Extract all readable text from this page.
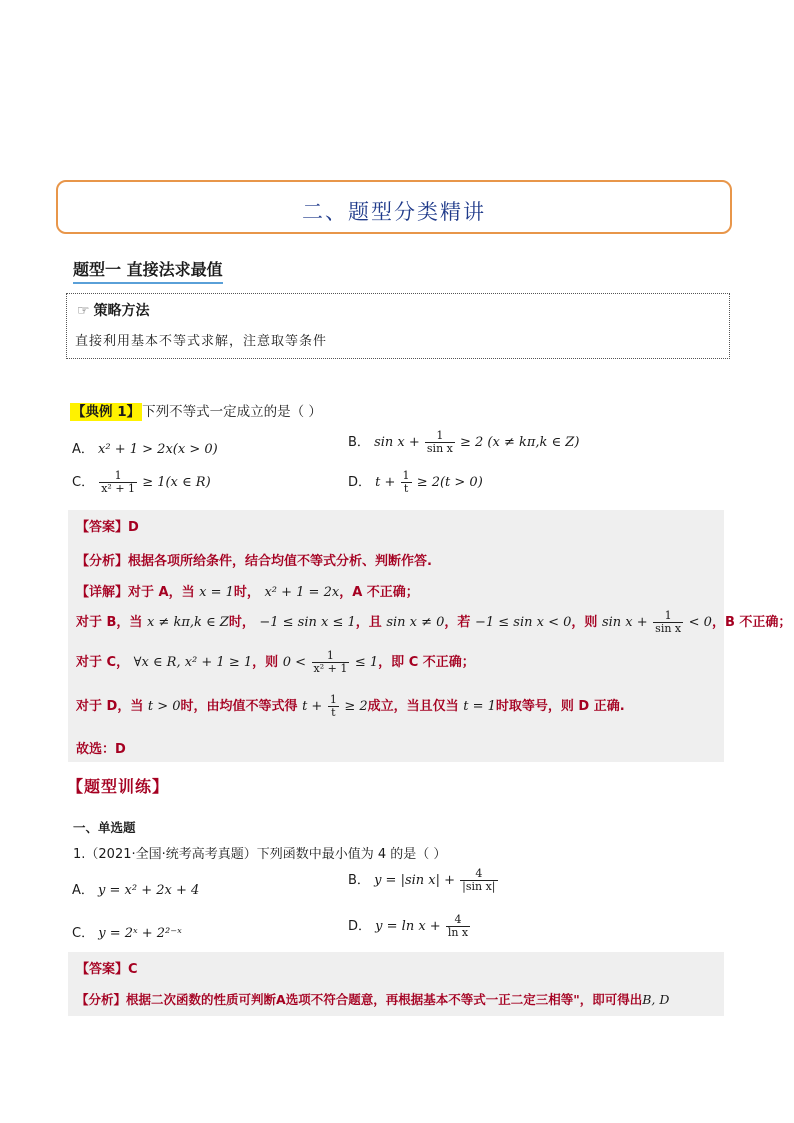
二、题型分类精讲
题型一 直接法求最值
☞ 策略方法
直接利用基本不等式求解，注意取等条件
【典例 1】 下列不等式一定成立的是（ ）
A． x² + 1 > 2x(x > 0)	B． $\sin x + \frac{1}{\text{sin x}} \ge 2$ (x ≠ kπ,k ∈ Z)
C． $\frac{1}{\text{x² + 1}} \ge 1(x$ ∈ R)	D． $t + \frac{1}{t} \ge 2(t > 0)$
【答案】D
【分析】根据各项所给条件，结合均值不等式分析、判断作答.
【详解】对于 A，当 x = 1时， x² + 1 = 2x，A 不正确；
对于 B，当 x ≠ kπ,k ∈ Z时， −1 ≤ sin x ≤ 1，且 sin x ≠ 0，若 −1 ≤ sin x < 0，则 $\sin x + \frac{1}{\text{sin x}} < 0$，B 不正确；
对于 C， ∀x ∈ R, x² + 1 ≥ 1，则 $0 < \frac{1}{\text{x² + 1}} \le 1$，即 C 不正确；
对于 D，当 t > 0时，由均值不等式得 $t + \frac{1}{t} \ge 2$成立，当且仅当 t = 1时取等号，则 D 正确.
故选：D
【题型训练】
一、单选题
1.（2021·全国·统考高考真题）下列函数中最小值为 4 的是（ ）
A． y = x² + 2x + 4
B． y = |sin $x| + \frac{4}{\text{|sin x|}}$
C． y = 2ˣ + 2²⁻ˣ	D． $y = \ln x + \frac{4}{\text{ln x}}$
【答案】C
【分析】根据二次函数的性质可判断A选项不符合题意，再根据基本不等式一正二定三相等"，即可得出B, D
